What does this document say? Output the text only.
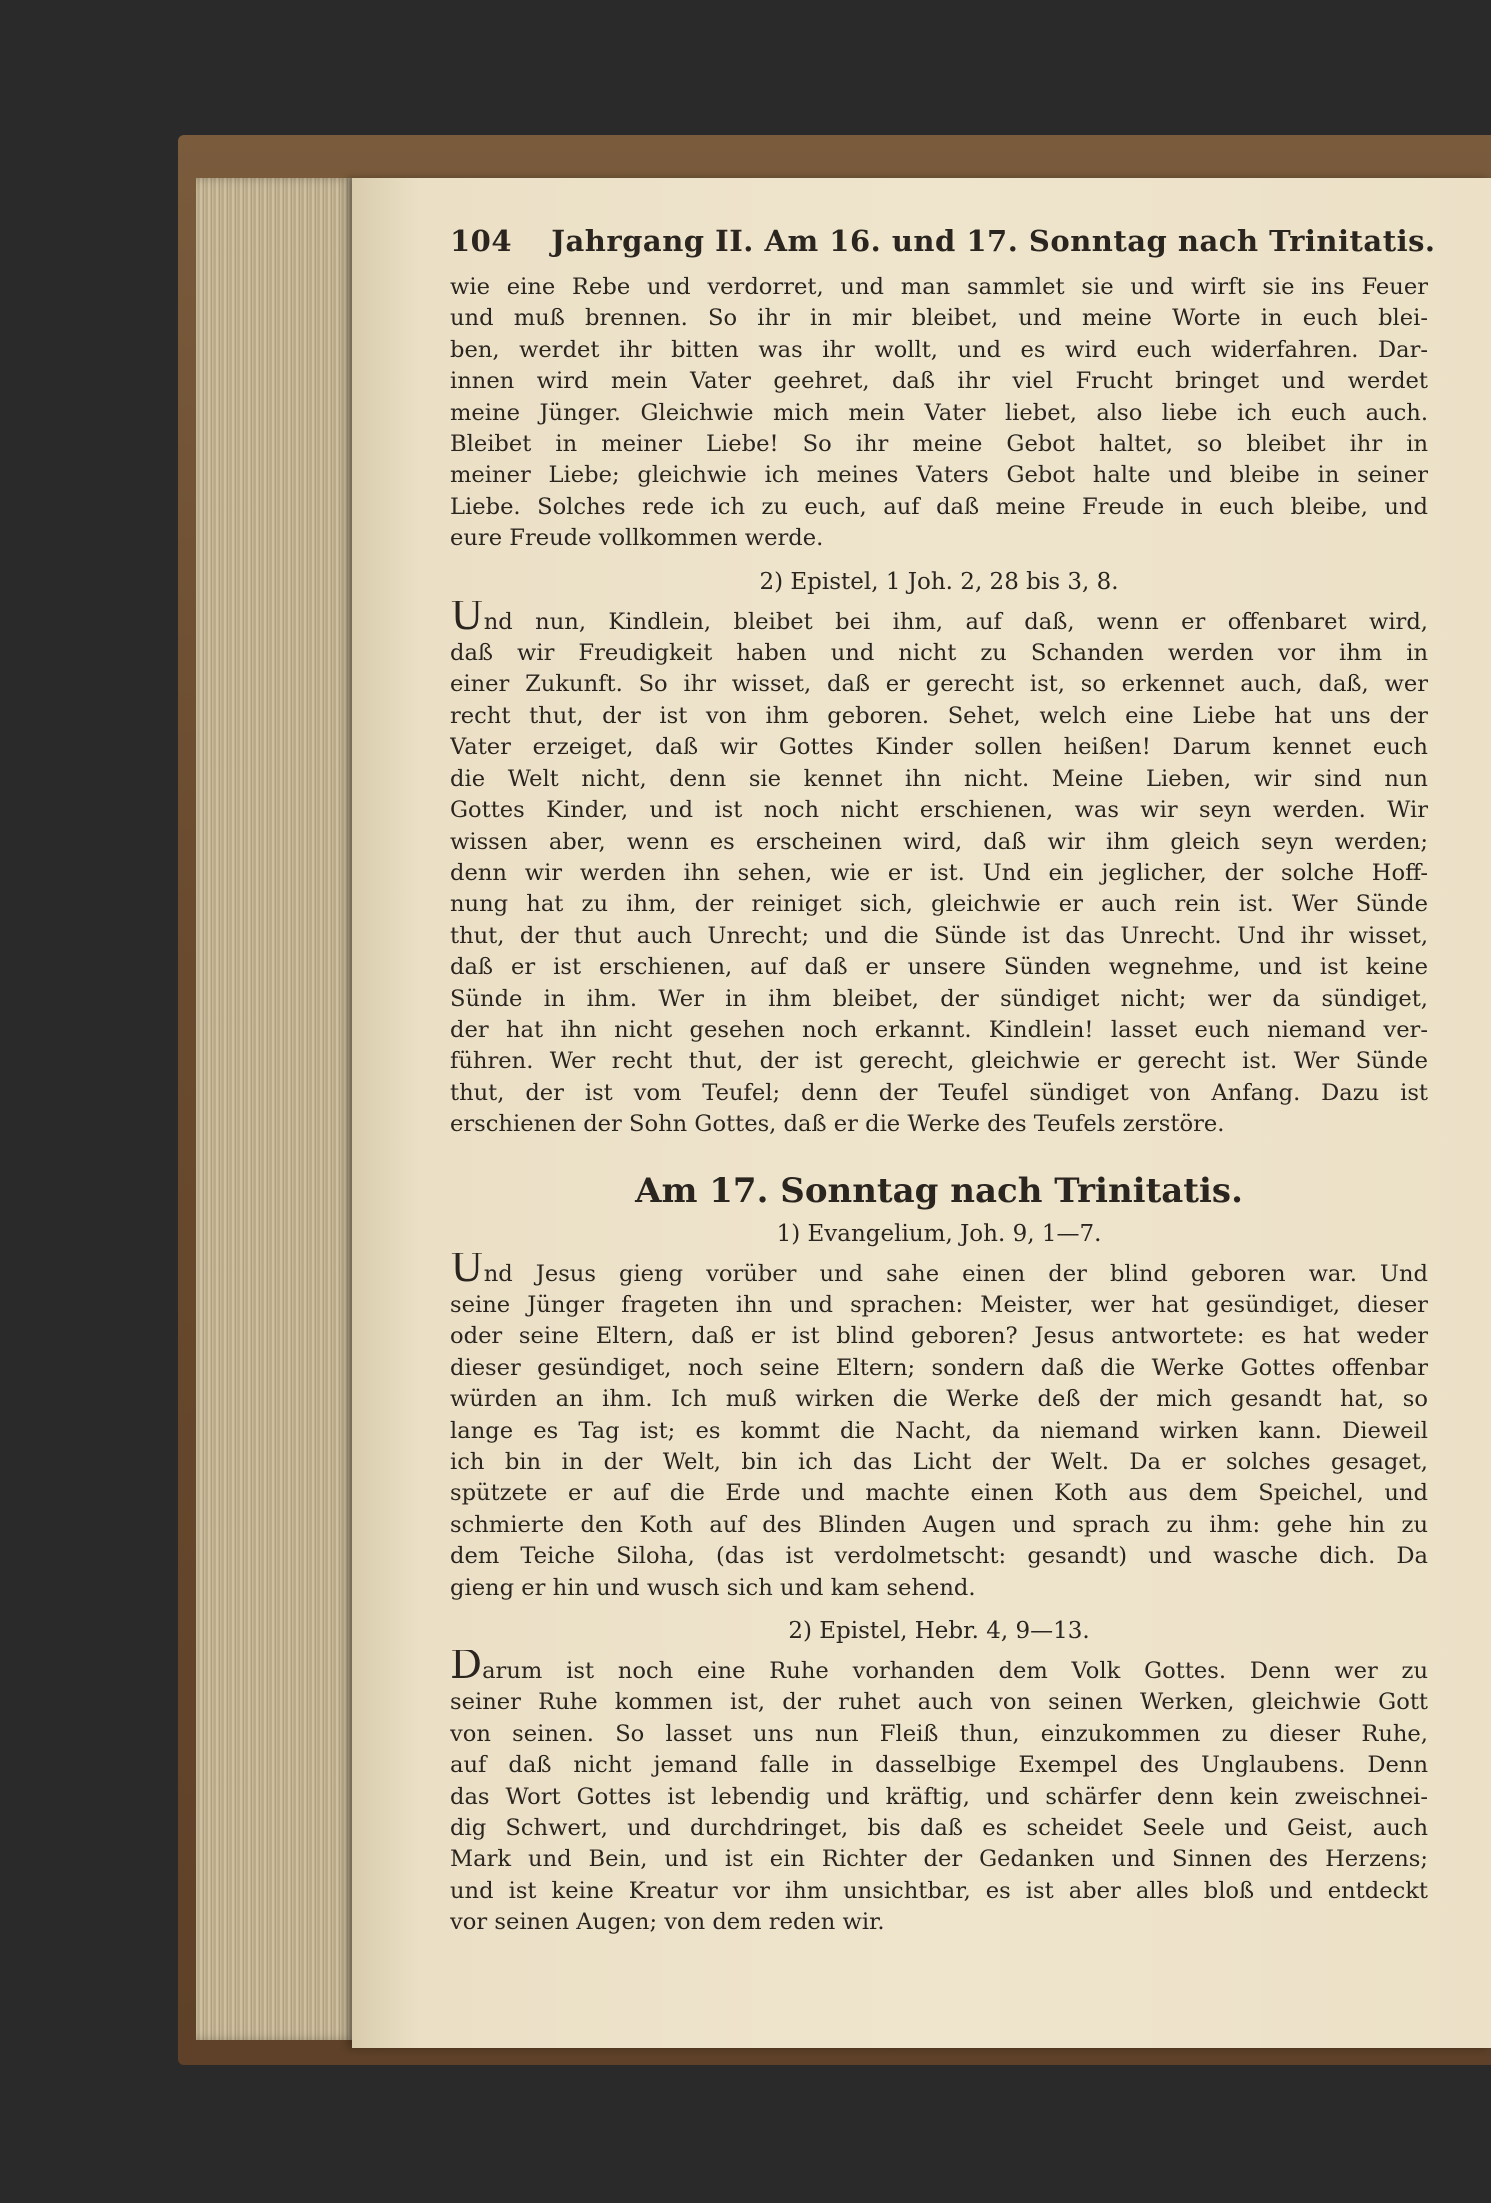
104 Jahrgang II. Am 16. und 17. Sonntag nach Trinitatis.
wie eine Rebe und verdorret, und man sammlet sie und wirft sie ins Feuer
und muß brennen. So ihr in mir bleibet, und meine Worte in euch blei-
ben, werdet ihr bitten was ihr wollt, und es wird euch widerfahren. Dar-
innen wird mein Vater geehret, daß ihr viel Frucht bringet und werdet
meine Jünger. Gleichwie mich mein Vater liebet, also liebe ich euch auch.
Bleibet in meiner Liebe! So ihr meine Gebot haltet, so bleibet ihr in
meiner Liebe; gleichwie ich meines Vaters Gebot halte und bleibe in seiner
Liebe. Solches rede ich zu euch, auf daß meine Freude in euch bleibe, und
eure Freude vollkommen werde.
2) Epistel, 1 Joh. 2, 28 bis 3, 8.
Und nun, Kindlein, bleibet bei ihm, auf daß, wenn er offenbaret wird,
daß wir Freudigkeit haben und nicht zu Schanden werden vor ihm in
einer Zukunft. So ihr wisset, daß er gerecht ist, so erkennet auch, daß, wer
recht thut, der ist von ihm geboren. Sehet, welch eine Liebe hat uns der
Vater erzeiget, daß wir Gottes Kinder sollen heißen! Darum kennet euch
die Welt nicht, denn sie kennet ihn nicht. Meine Lieben, wir sind nun
Gottes Kinder, und ist noch nicht erschienen, was wir seyn werden. Wir
wissen aber, wenn es erscheinen wird, daß wir ihm gleich seyn werden;
denn wir werden ihn sehen, wie er ist. Und ein jeglicher, der solche Hoff-
nung hat zu ihm, der reiniget sich, gleichwie er auch rein ist. Wer Sünde
thut, der thut auch Unrecht; und die Sünde ist das Unrecht. Und ihr wisset,
daß er ist erschienen, auf daß er unsere Sünden wegnehme, und ist keine
Sünde in ihm. Wer in ihm bleibet, der sündiget nicht; wer da sündiget,
der hat ihn nicht gesehen noch erkannt. Kindlein! lasset euch niemand ver-
führen. Wer recht thut, der ist gerecht, gleichwie er gerecht ist. Wer Sünde
thut, der ist vom Teufel; denn der Teufel sündiget von Anfang. Dazu ist
erschienen der Sohn Gottes, daß er die Werke des Teufels zerstöre.
Am 17. Sonntag nach Trinitatis.
1) Evangelium, Joh. 9, 1—7.
Und Jesus gieng vorüber und sahe einen der blind geboren war. Und
seine Jünger frageten ihn und sprachen: Meister, wer hat gesündiget, dieser
oder seine Eltern, daß er ist blind geboren? Jesus antwortete: es hat weder
dieser gesündiget, noch seine Eltern; sondern daß die Werke Gottes offenbar
würden an ihm. Ich muß wirken die Werke deß der mich gesandt hat, so
lange es Tag ist; es kommt die Nacht, da niemand wirken kann. Dieweil
ich bin in der Welt, bin ich das Licht der Welt. Da er solches gesaget,
spützete er auf die Erde und machte einen Koth aus dem Speichel, und
schmierte den Koth auf des Blinden Augen und sprach zu ihm: gehe hin zu
dem Teiche Siloha, (das ist verdolmetscht: gesandt) und wasche dich. Da
gieng er hin und wusch sich und kam sehend.
2) Epistel, Hebr. 4, 9—13.
Darum ist noch eine Ruhe vorhanden dem Volk Gottes. Denn wer zu
seiner Ruhe kommen ist, der ruhet auch von seinen Werken, gleichwie Gott
von seinen. So lasset uns nun Fleiß thun, einzukommen zu dieser Ruhe,
auf daß nicht jemand falle in dasselbige Exempel des Unglaubens. Denn
das Wort Gottes ist lebendig und kräftig, und schärfer denn kein zweischnei-
dig Schwert, und durchdringet, bis daß es scheidet Seele und Geist, auch
Mark und Bein, und ist ein Richter der Gedanken und Sinnen des Herzens;
und ist keine Kreatur vor ihm unsichtbar, es ist aber alles bloß und entdeckt
vor seinen Augen; von dem reden wir.
